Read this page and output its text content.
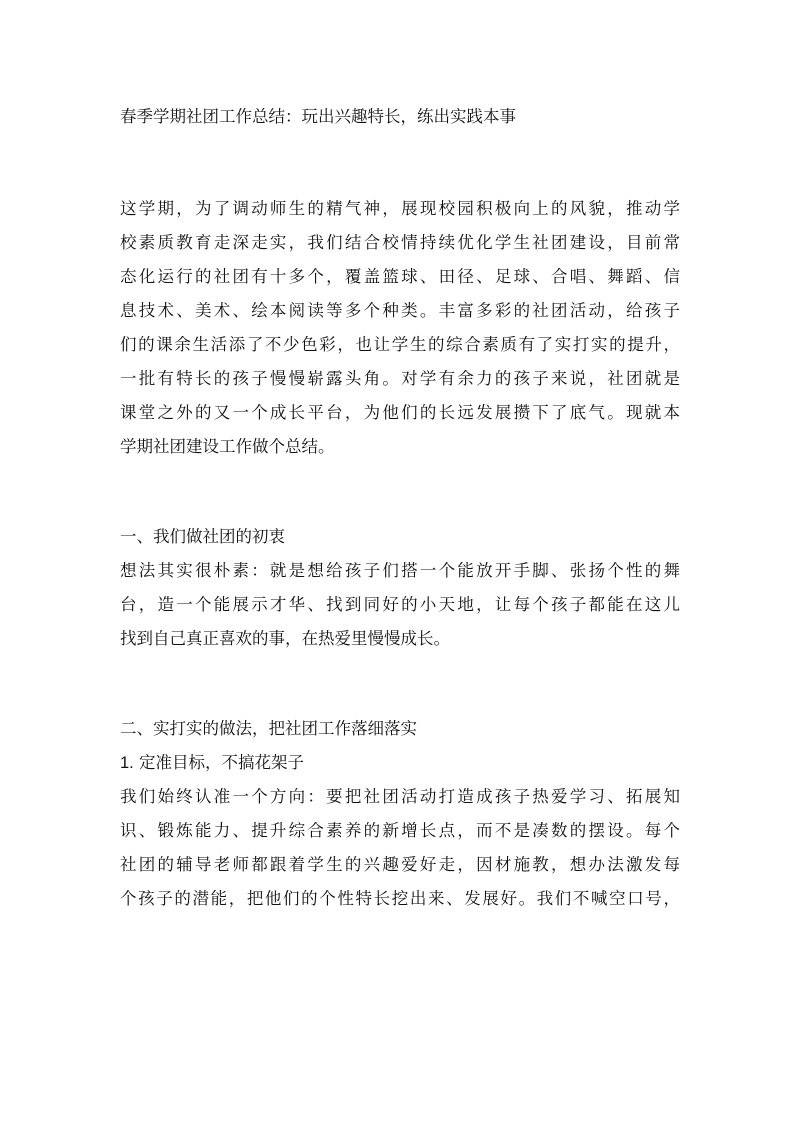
春季学期社团工作总结：玩出兴趣特长，练出实践本事
这学期，为了调动师生的精气神，展现校园积极向上的风貌，推动学
校素质教育走深走实，我们结合校情持续优化学生社团建设，目前常
态化运行的社团有十多个，覆盖篮球、田径、足球、合唱、舞蹈、信
息技术、美术、绘本阅读等多个种类。丰富多彩的社团活动，给孩子
们的课余生活添了不少色彩，也让学生的综合素质有了实打实的提升，
一批有特长的孩子慢慢崭露头角。对学有余力的孩子来说，社团就是
课堂之外的又一个成长平台，为他们的长远发展攒下了底气。现就本
学期社团建设工作做个总结。
一、我们做社团的初衷
想法其实很朴素：就是想给孩子们搭一个能放开手脚、张扬个性的舞
台，造一个能展示才华、找到同好的小天地，让每个孩子都能在这儿
找到自己真正喜欢的事，在热爱里慢慢成长。
二、实打实的做法，把社团工作落细落实
1. 定准目标，不搞花架子
我们始终认准一个方向：要把社团活动打造成孩子热爱学习、拓展知
识、锻炼能力、提升综合素养的新增长点，而不是凑数的摆设。每个
社团的辅导老师都跟着学生的兴趣爱好走，因材施教，想办法激发每
个孩子的潜能，把他们的个性特长挖出来、发展好。我们不喊空口号，
